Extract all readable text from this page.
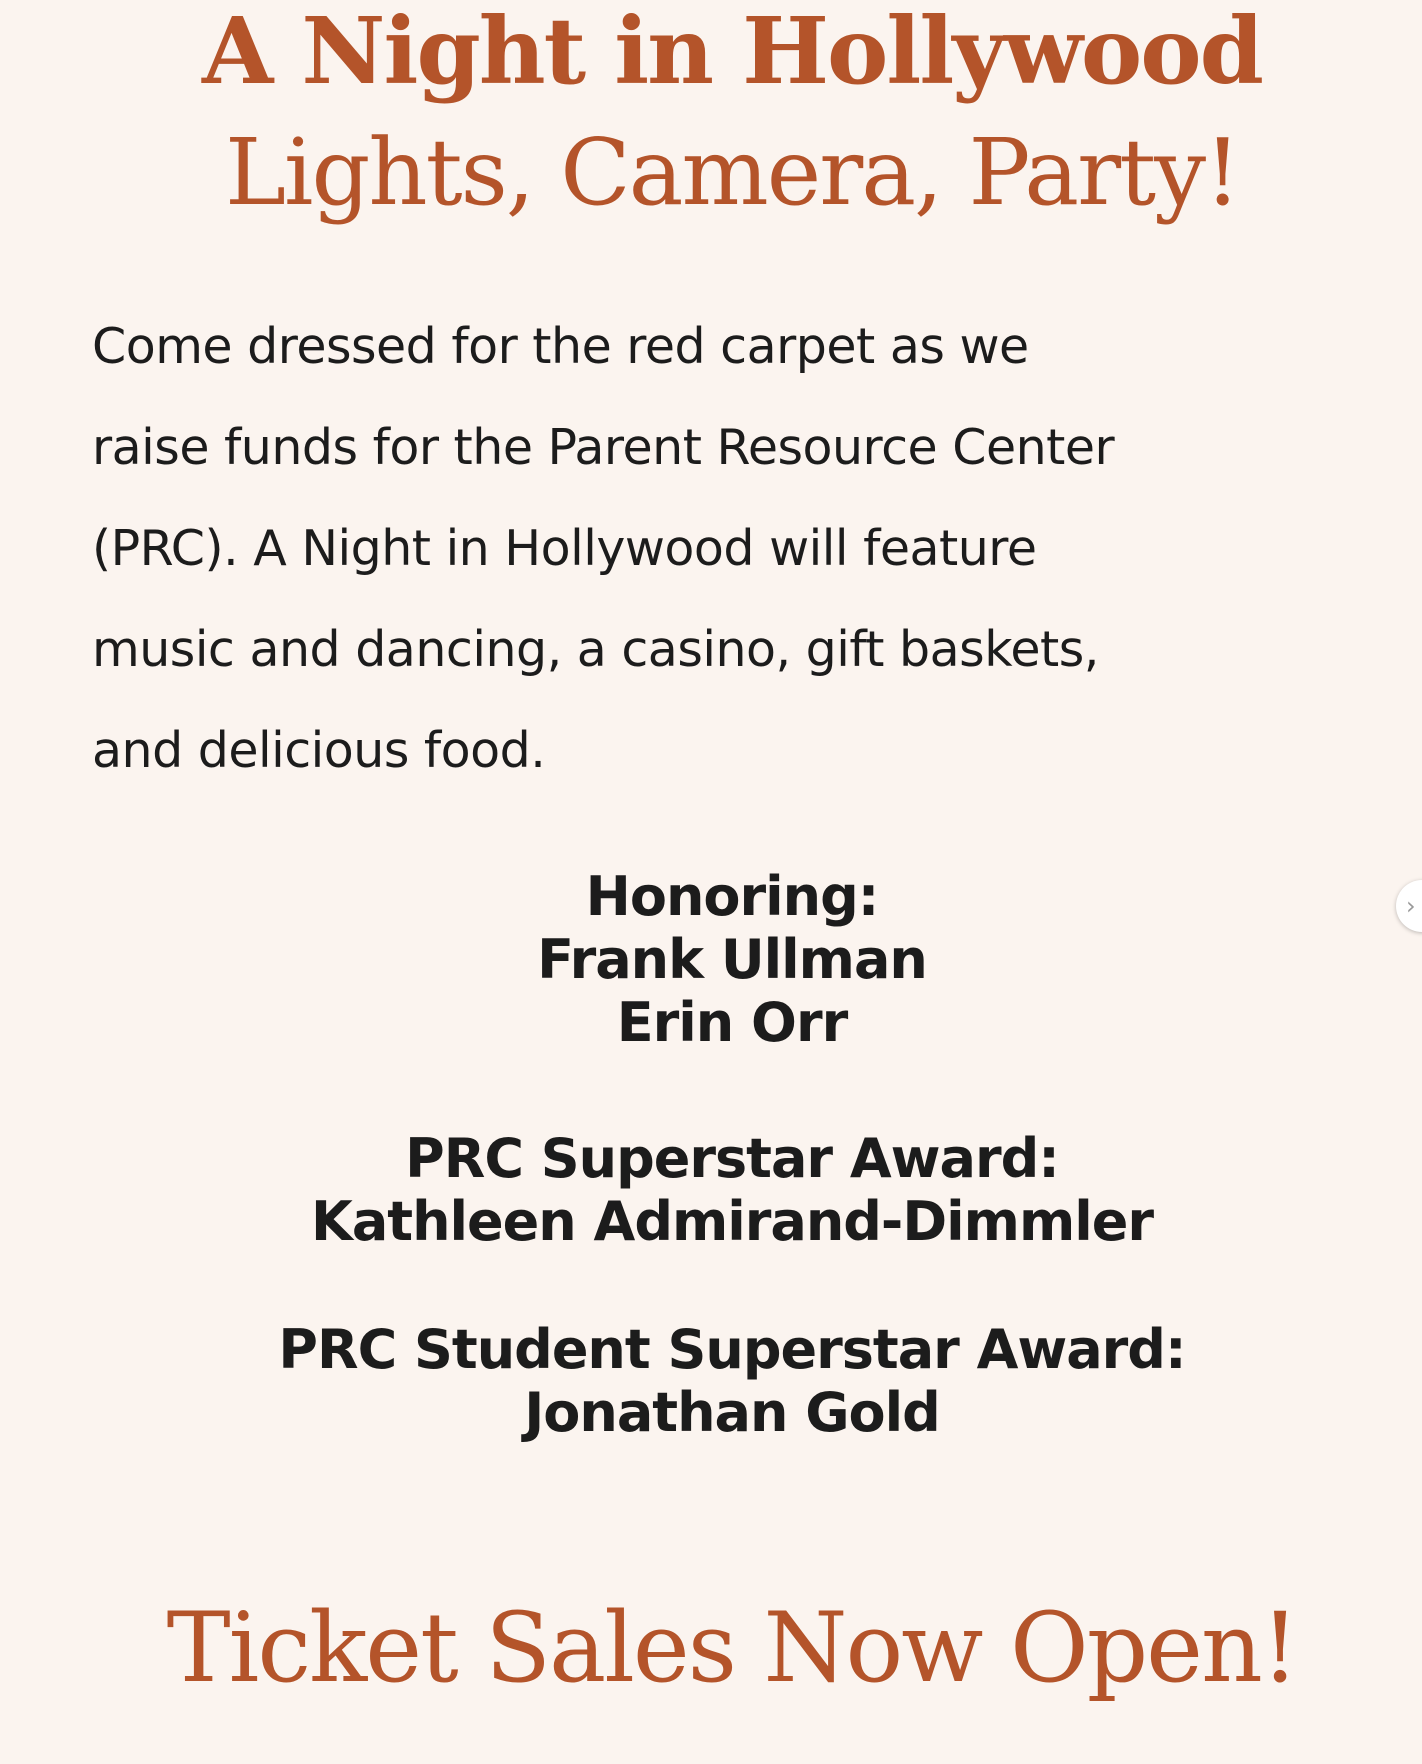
A Night in Hollywood
Lights, Camera, Party!
Come dressed for the red carpet as we
raise funds for the Parent Resource Center
(PRC). A Night in Hollywood will feature
music and dancing, a casino, gift baskets,
and delicious food.
Honoring:
Frank Ullman
Erin Orr
PRC Superstar Award:
Kathleen Admirand-Dimmler
PRC Student Superstar Award:
Jonathan Gold
Ticket Sales Now Open!
›
